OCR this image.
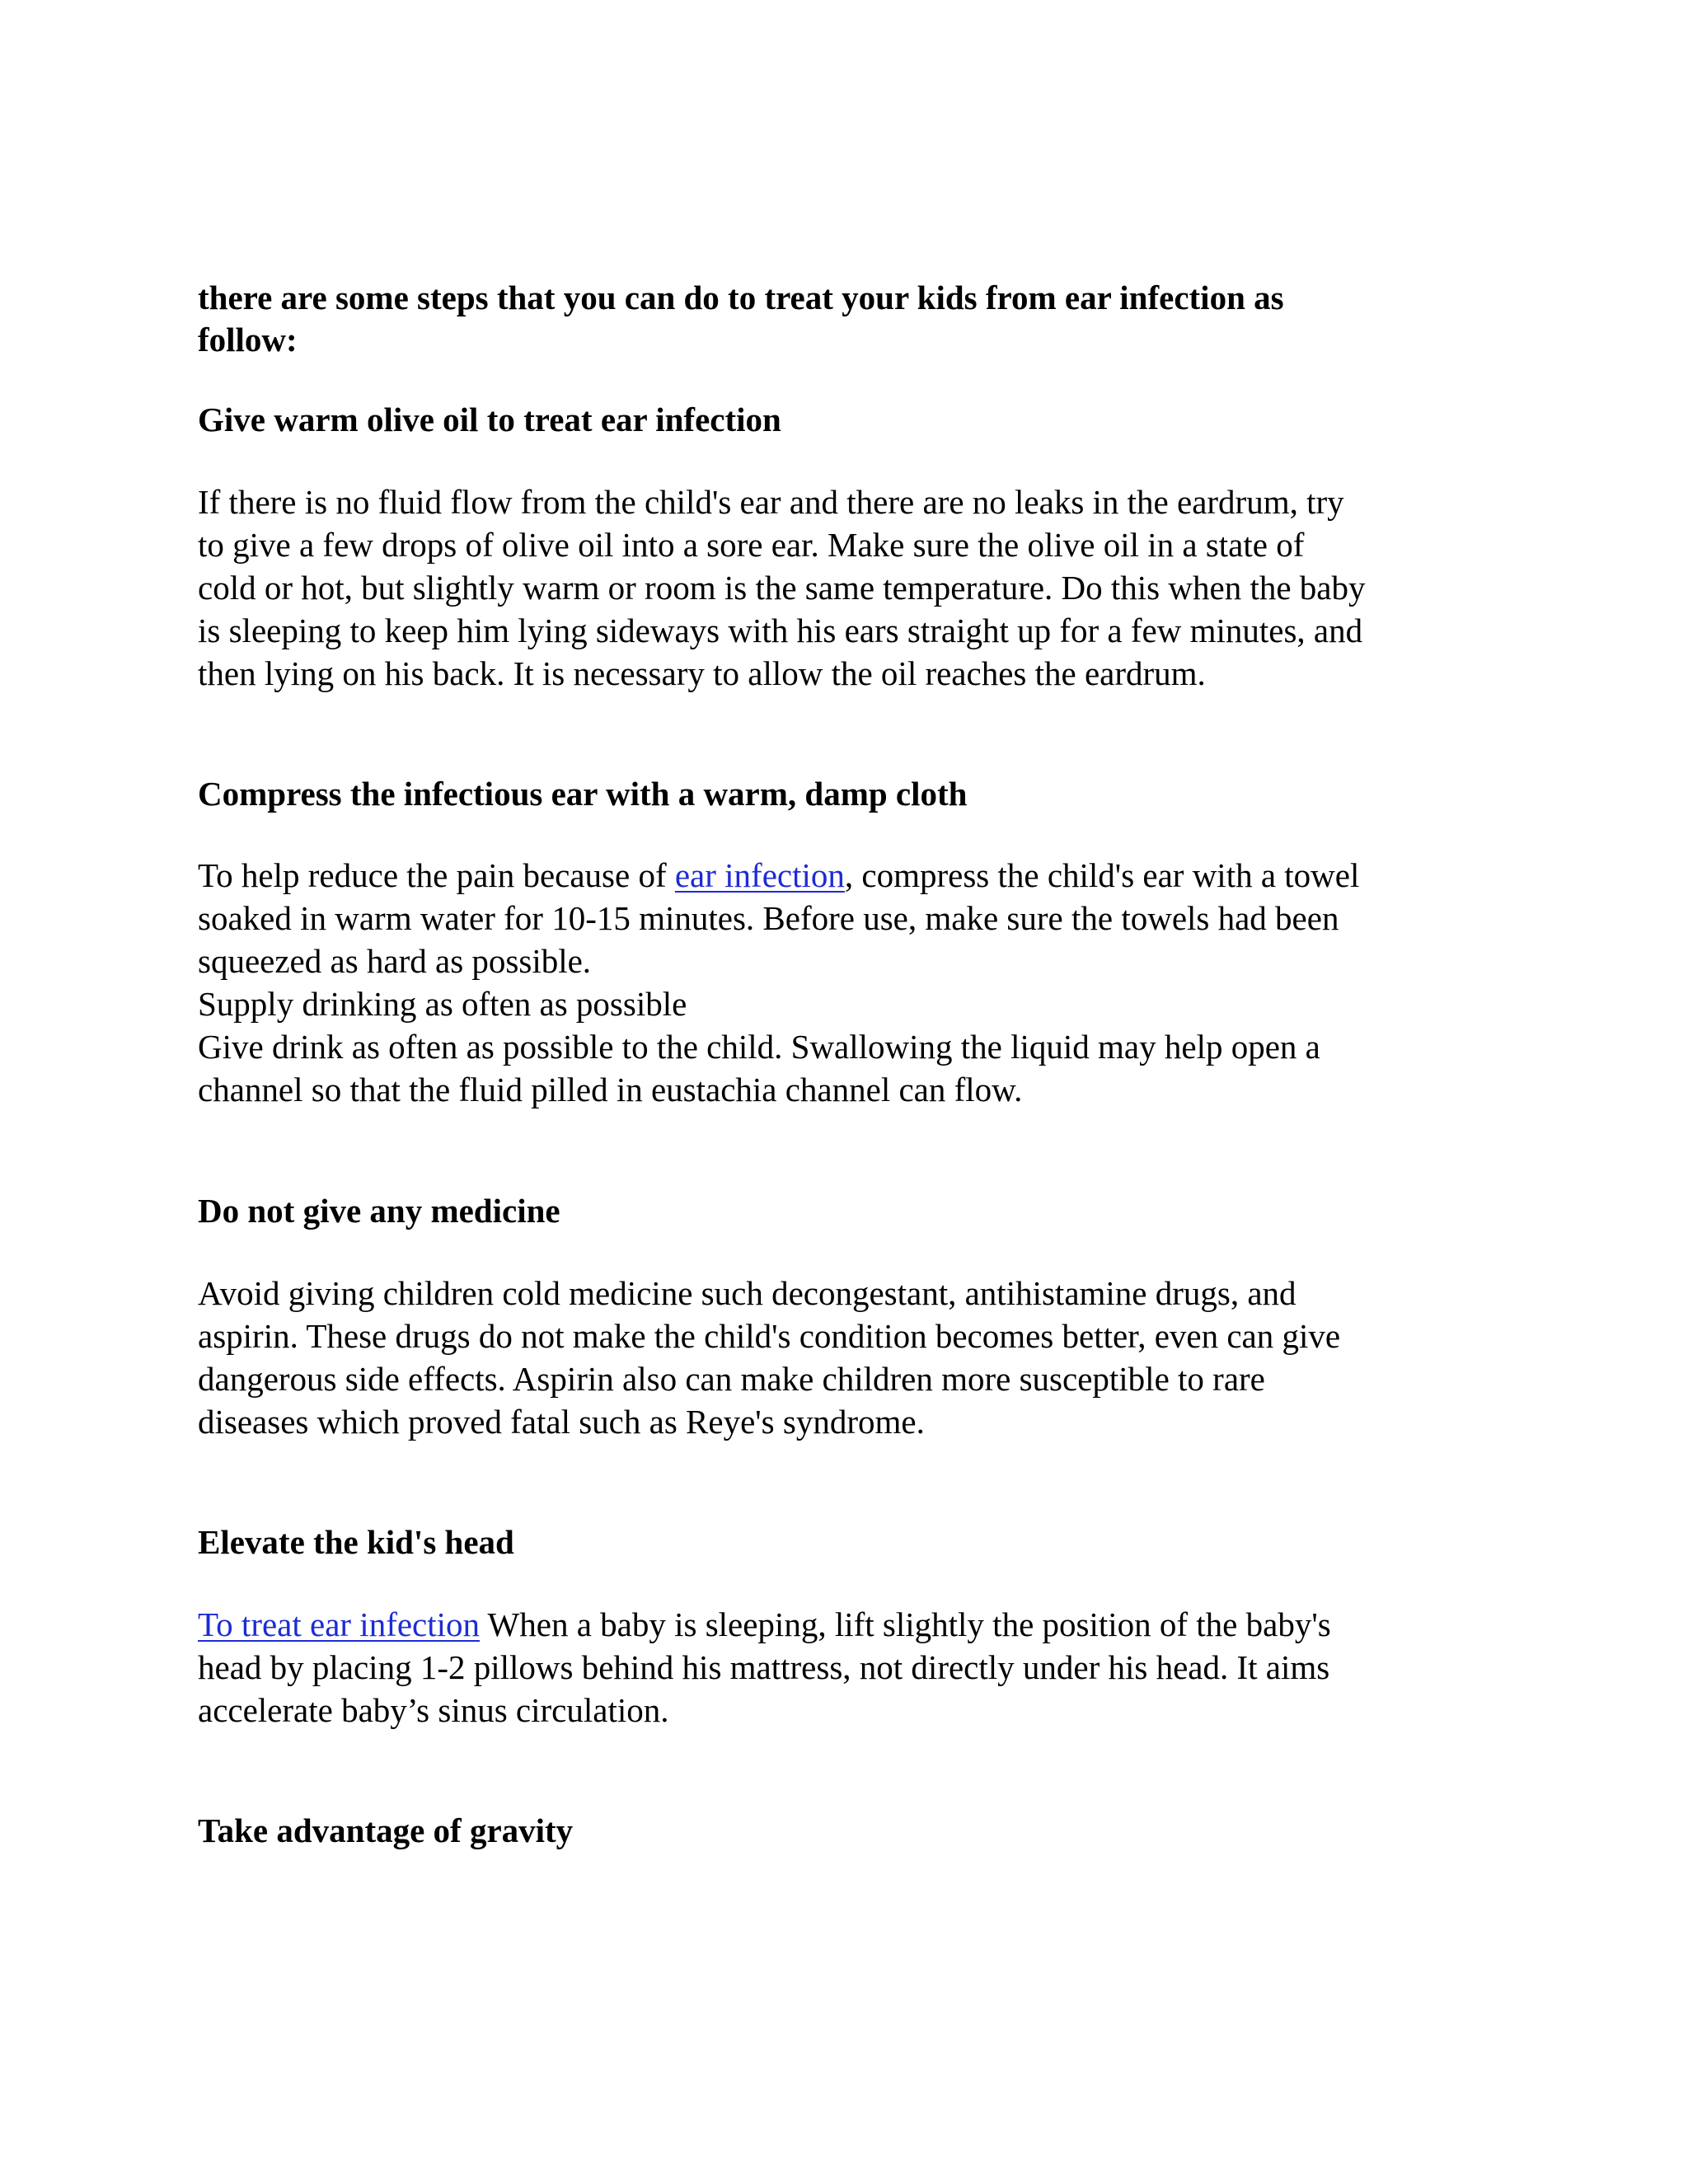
there are some steps that you can do to treat your kids from ear infection as
follow:
Give warm olive oil to treat ear infection
If there is no fluid flow from the child's ear and there are no leaks in the eardrum, try
to give a few drops of olive oil into a sore ear. Make sure the olive oil in a state of
cold or hot, but slightly warm or room is the same temperature. Do this when the baby
is sleeping to keep him lying sideways with his ears straight up for a few minutes, and
then lying on his back. It is necessary to allow the oil reaches the eardrum.
Compress the infectious ear with a warm, damp cloth
To help reduce the pain because of ear infection, compress the child's ear with a towel
soaked in warm water for 10-15 minutes. Before use, make sure the towels had been
squeezed as hard as possible.
Supply drinking as often as possible
Give drink as often as possible to the child. Swallowing the liquid may help open a
channel so that the fluid pilled in eustachia channel can flow.
Do not give any medicine
Avoid giving children cold medicine such decongestant, antihistamine drugs, and
aspirin. These drugs do not make the child's condition becomes better, even can give
dangerous side effects. Aspirin also can make children more susceptible to rare
diseases which proved fatal such as Reye's syndrome.
Elevate the kid's head
To treat ear infection When a baby is sleeping, lift slightly the position of the baby's
head by placing 1-2 pillows behind his mattress, not directly under his head. It aims
accelerate baby’s sinus circulation.
Take advantage of gravity
